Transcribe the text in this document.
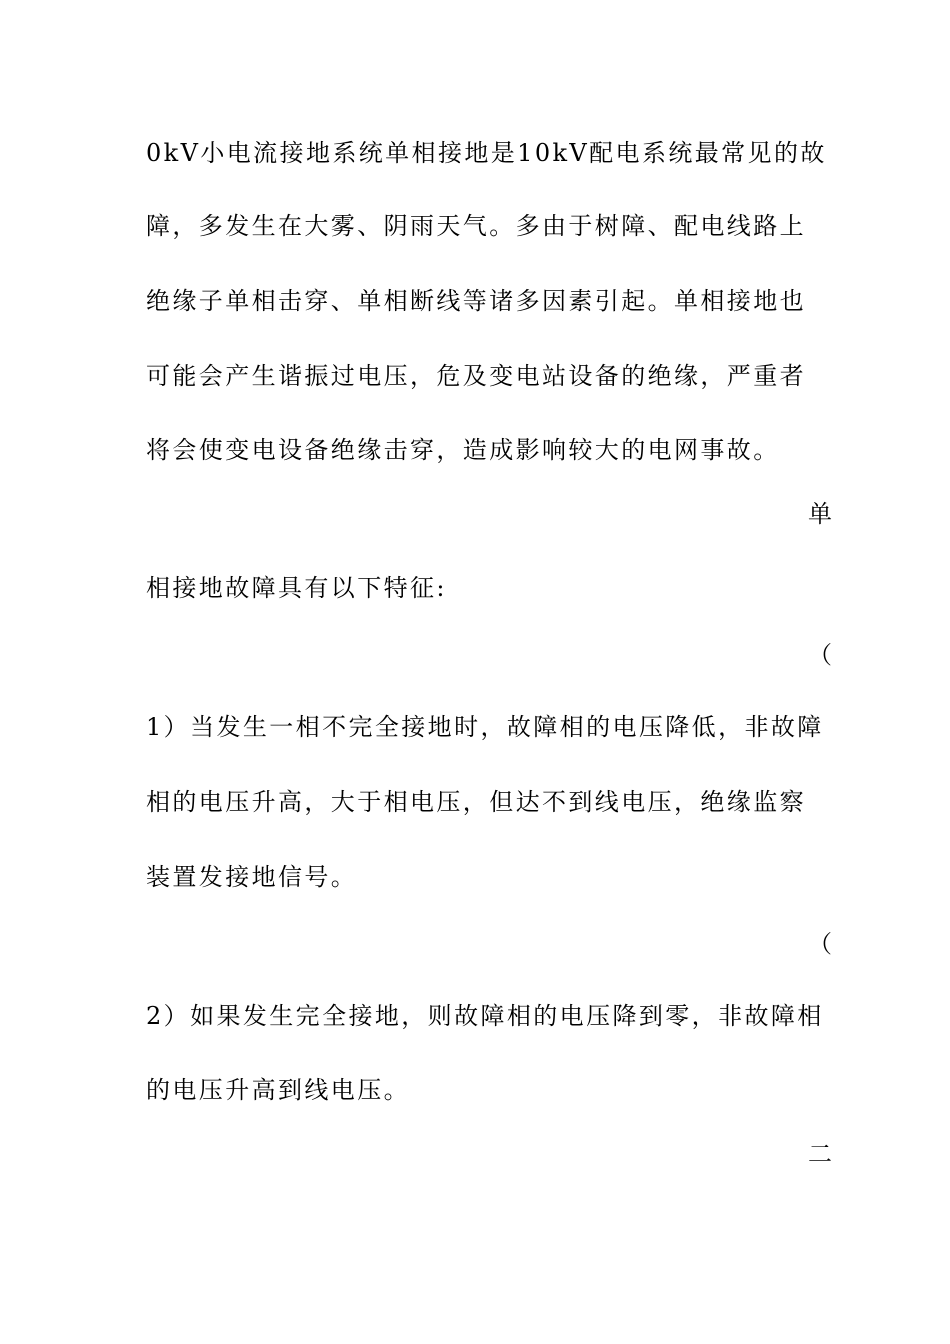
0kV小电流接地系统单相接地是10kV配电系统最常见的故
障，多发生在大雾、阴雨天气。多由于树障、配电线路上
绝缘子单相击穿、单相断线等诸多因素引起。单相接地也
可能会产生谐振过电压，危及变电站设备的绝缘，严重者
将会使变电设备绝缘击穿，造成影响较大的电网事故。
单
相接地故障具有以下特征:
（
1）当发生一相不完全接地时，故障相的电压降低，非故障
相的电压升高，大于相电压，但达不到线电压，绝缘监察
装置发接地信号。
（
2）如果发生完全接地，则故障相的电压降到零，非故障相
的电压升高到线电压。
二
